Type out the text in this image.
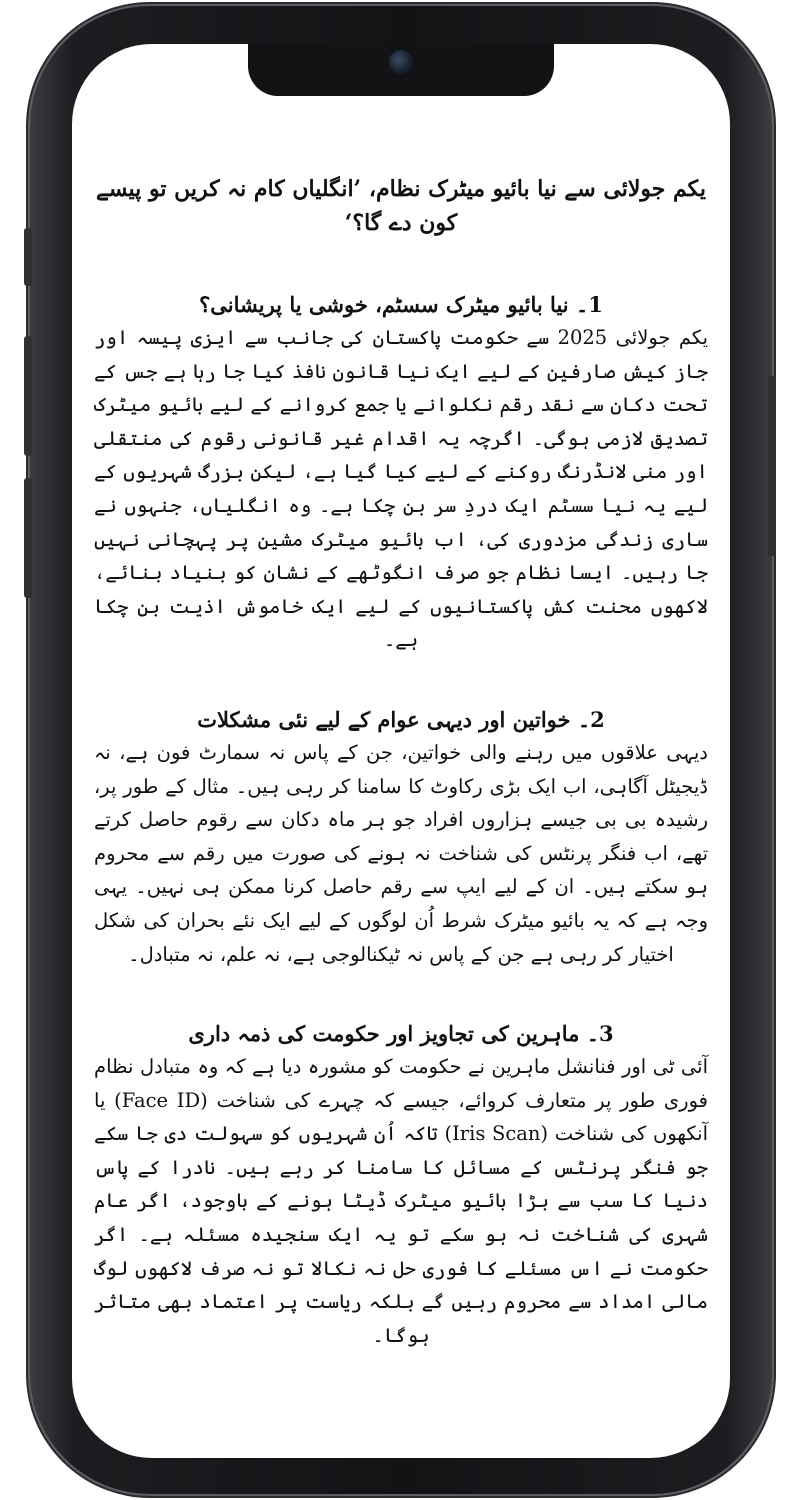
یکم جولائی سے نیا بائیو میٹرک نظام، ’انگلیاں کام نہ کریں تو پیسے کون دے گا؟‘

1۔ نیا بائیو میٹرک سسٹم، خوشی یا پریشانی؟

یکم جولائی 2025 سے حکومت پاکستان کی جانب سے ایزی پیسہ اور جاز کیش صارفین کے لیے ایک نیا قانون نافذ کیا جا رہا ہے جس کے تحت دکان سے نقد رقم نکلوانے یا جمع کروانے کے لیے بائیو میٹرک تصدیق لازمی ہوگی۔ اگرچہ یہ اقدام غیر قانونی رقوم کی منتقلی اور منی لانڈرنگ روکنے کے لیے کیا گیا ہے، لیکن بزرگ شہریوں کے لیے یہ نیا سسٹم ایک دردِ سر بن چکا ہے۔ وہ انگلیاں، جنہوں نے ساری زندگی مزدوری کی، اب بائیو میٹرک مشین پر پہچانی نہیں جا رہیں۔ ایسا نظام جو صرف انگوٹھے کے نشان کو بنیاد بنائے، لاکھوں محنت کش پاکستانیوں کے لیے ایک خاموش اذیت بن چکا ہے۔

2۔ خواتین اور دیہی عوام کے لیے نئی مشکلات

دیہی علاقوں میں رہنے والی خواتین، جن کے پاس نہ سمارٹ فون ہے، نہ ڈیجیٹل آگاہی، اب ایک بڑی رکاوٹ کا سامنا کر رہی ہیں۔ مثال کے طور پر، رشیدہ بی بی جیسے ہزاروں افراد جو ہر ماہ دکان سے رقوم حاصل کرتے تھے، اب فنگر پرنٹس کی شناخت نہ ہونے کی صورت میں رقم سے محروم ہو سکتے ہیں۔ ان کے لیے ایپ سے رقم حاصل کرنا ممکن ہی نہیں۔ یہی وجہ ہے کہ یہ بائیو میٹرک شرط اُن لوگوں کے لیے ایک نئے بحران کی شکل اختیار کر رہی ہے جن کے پاس نہ ٹیکنالوجی ہے، نہ علم، نہ متبادل۔

3۔ ماہرین کی تجاویز اور حکومت کی ذمہ داری

آئی ٹی اور فنانشل ماہرین نے حکومت کو مشورہ دیا ہے کہ وہ متبادل نظام فوری طور پر متعارف کروائے، جیسے کہ چہرے کی شناخت (Face ID) یا آنکھوں کی شناخت (Iris Scan) تاکہ اُن شہریوں کو سہولت دی جا سکے جو فنگر پرنٹس کے مسائل کا سامنا کر رہے ہیں۔ نادرا کے پاس دنیا کا سب سے بڑا بائیو میٹرک ڈیٹا ہونے کے باوجود، اگر عام شہری کی شناخت نہ ہو سکے تو یہ ایک سنجیدہ مسئلہ ہے۔ اگر حکومت نے اس مسئلے کا فوری حل نہ نکالا تو نہ صرف لاکھوں لوگ مالی امداد سے محروم رہیں گے بلکہ ریاست پر اعتماد بھی متاثر ہوگا۔
